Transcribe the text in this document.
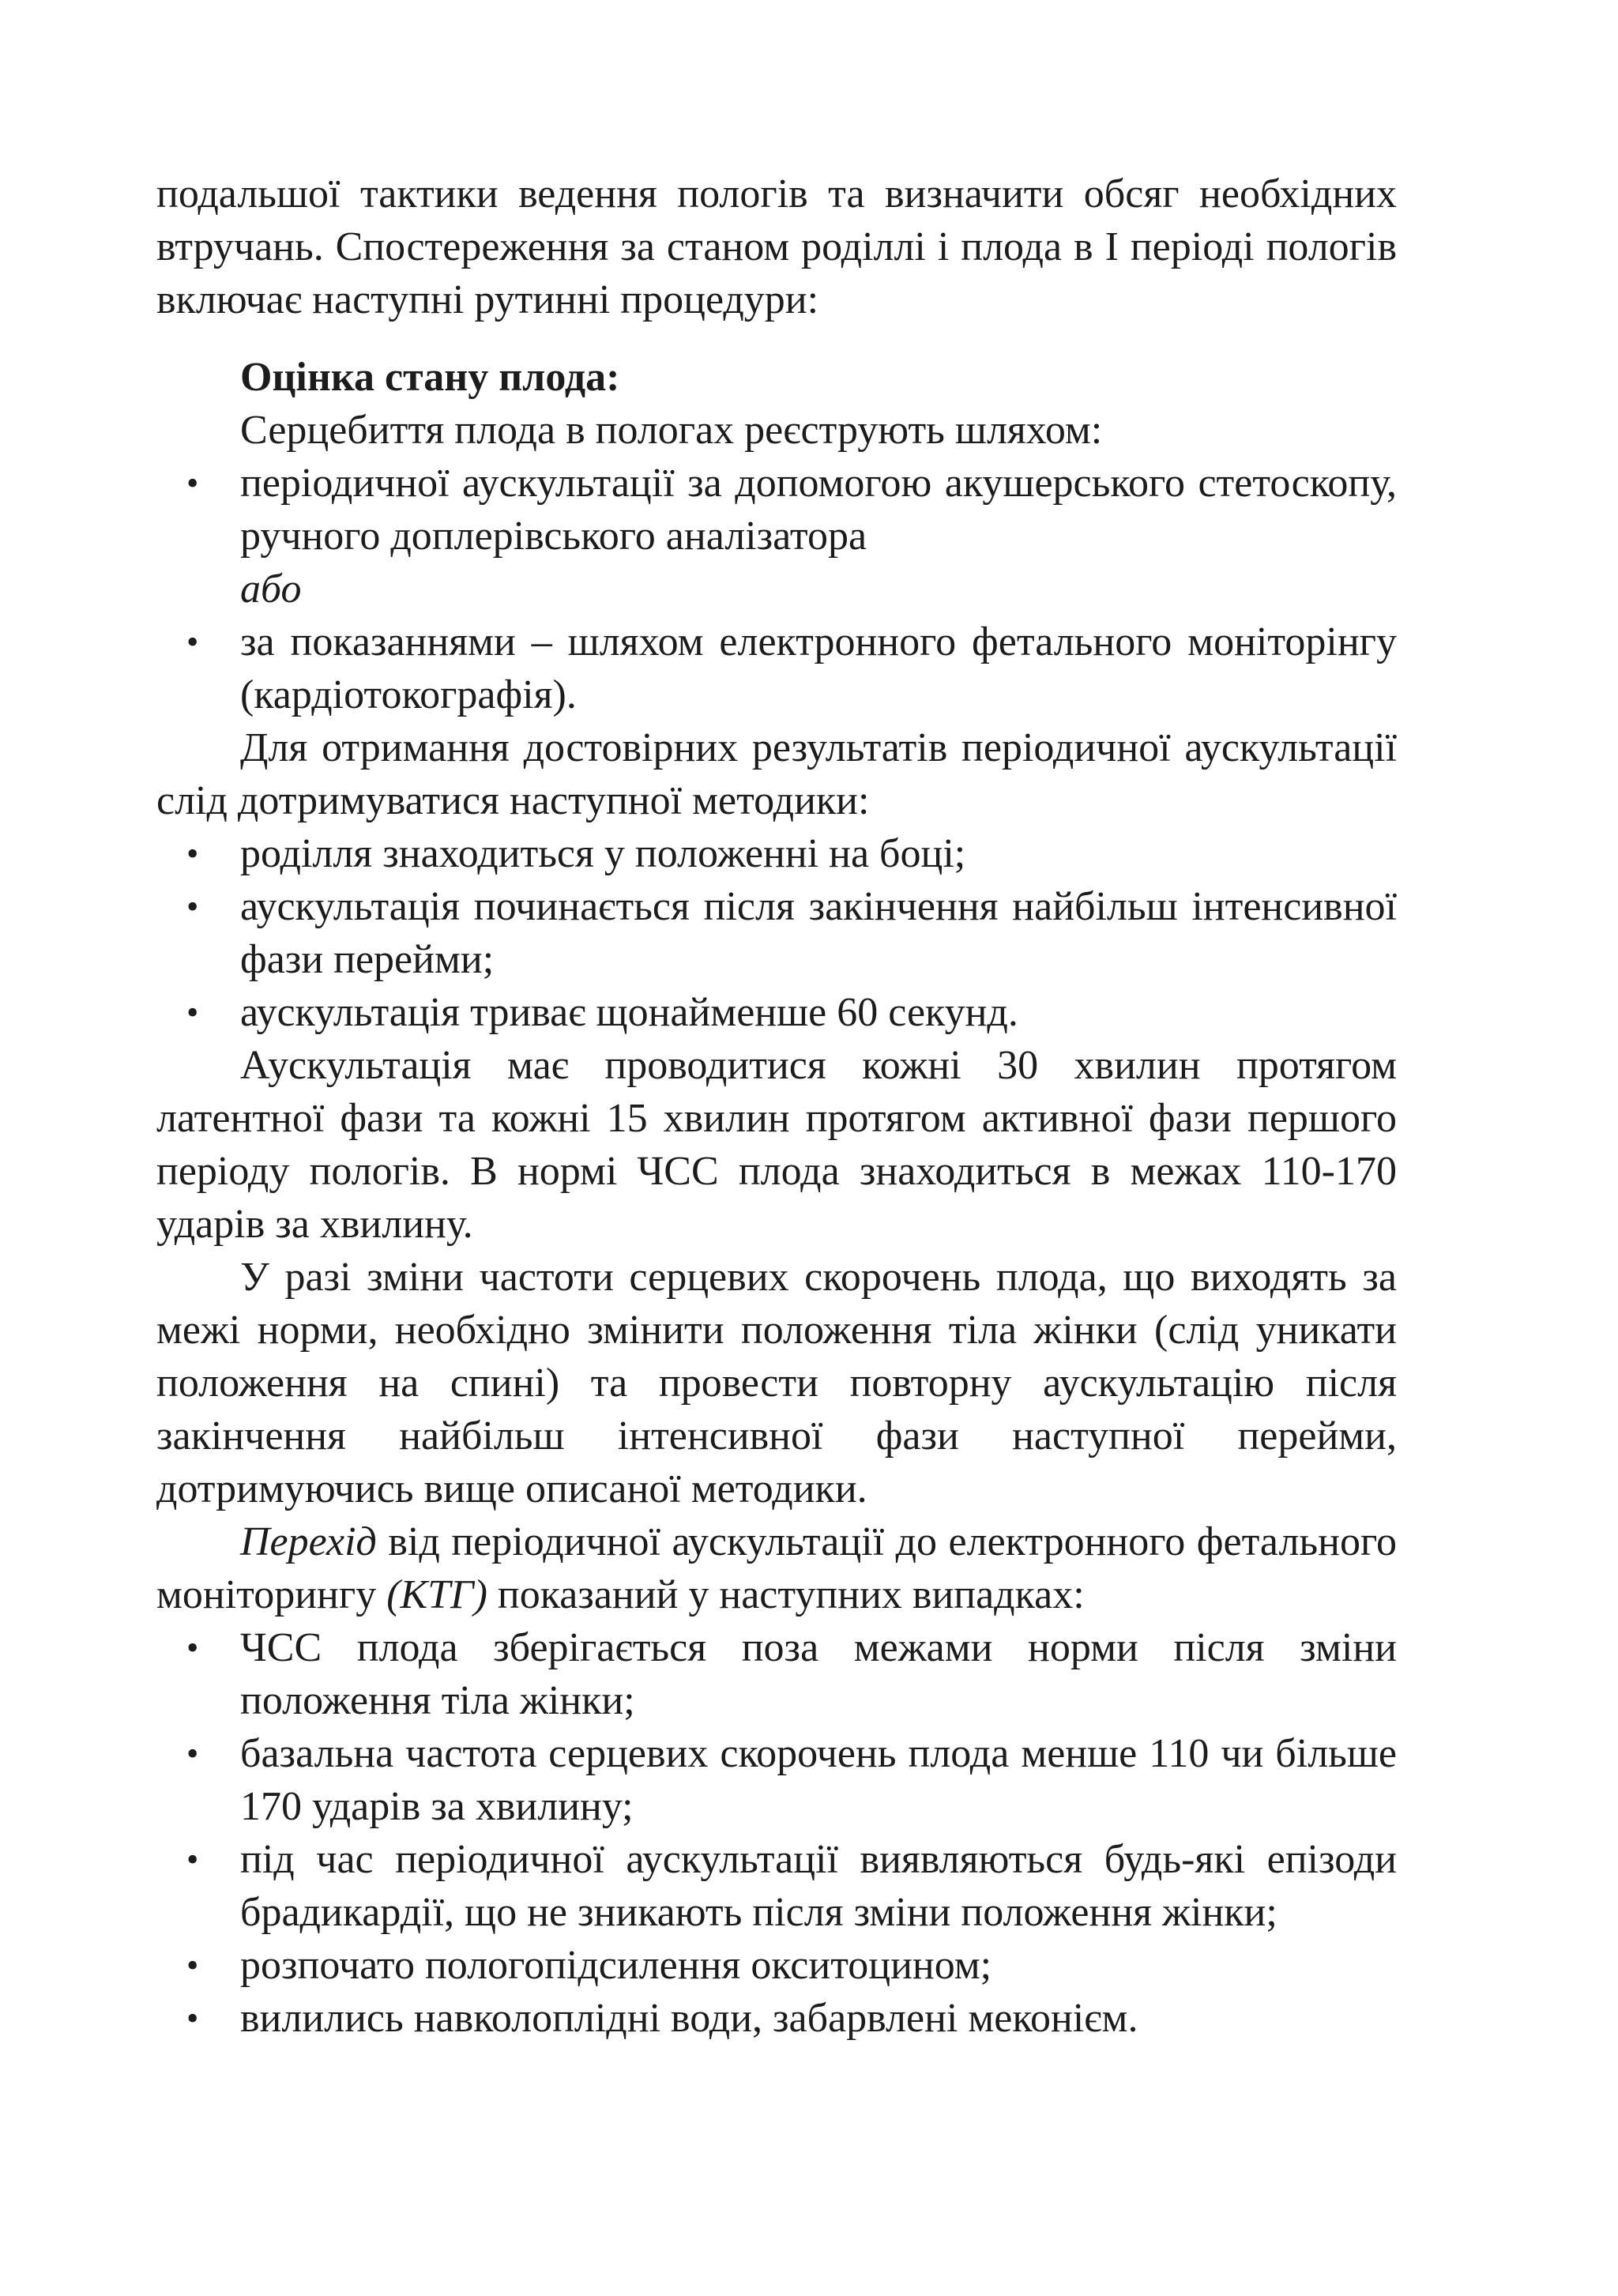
подальшої тактики ведення пологів та визначити обсяг необхідних втручань. Спостереження за станом роділлі і плода в І періоді пологів включає наступні рутинні процедури:

Оцінка стану плода:
Серцебиття плода в пологах реєструють шляхом:
• періодичної аускультації за допомогою акушерського стетоскопу, ручного доплерівського аналізатора
або
• за показаннями – шляхом електронного фетального моніторінгу (кардіотокографія).

Для отримання достовірних результатів періодичної аускультації слід дотримуватися наступної методики:

• роділля знаходиться у положенні на боці;
• аускультація починається після закінчення найбільш інтенсивної фази перейми;
• аускультація триває щонайменше 60 секунд.

Аускультація має проводитися кожні 30 хвилин протягом латентної фази та кожні 15 хвилин протягом активної фази першого періоду пологів. В нормі ЧСС плода знаходиться в межах 110-170 ударів за хвилину.

У разі зміни частоти серцевих скорочень плода, що виходять за межі норми, необхідно змінити положення тіла жінки (слід уникати положення на спині) та провести повторну аускультацію після закінчення найбільш інтенсивної фази наступної перейми, дотримуючись вище описаної методики.

Перехід від періодичної аускультації до електронного фетального моніторингу (КТГ) показаний у наступних випадках:

• ЧСС плода зберігається поза межами норми після зміни положення тіла жінки;
• базальна частота серцевих скорочень плода менше 110 чи більше 170 ударів за хвилину;
• під час періодичної аускультації виявляються будь-які епізоди брадикардії, що не зникають після зміни положення жінки;
• розпочато пологопідсилення окситоцином;
• вилились навколоплідні води, забарвлені меконієм.
